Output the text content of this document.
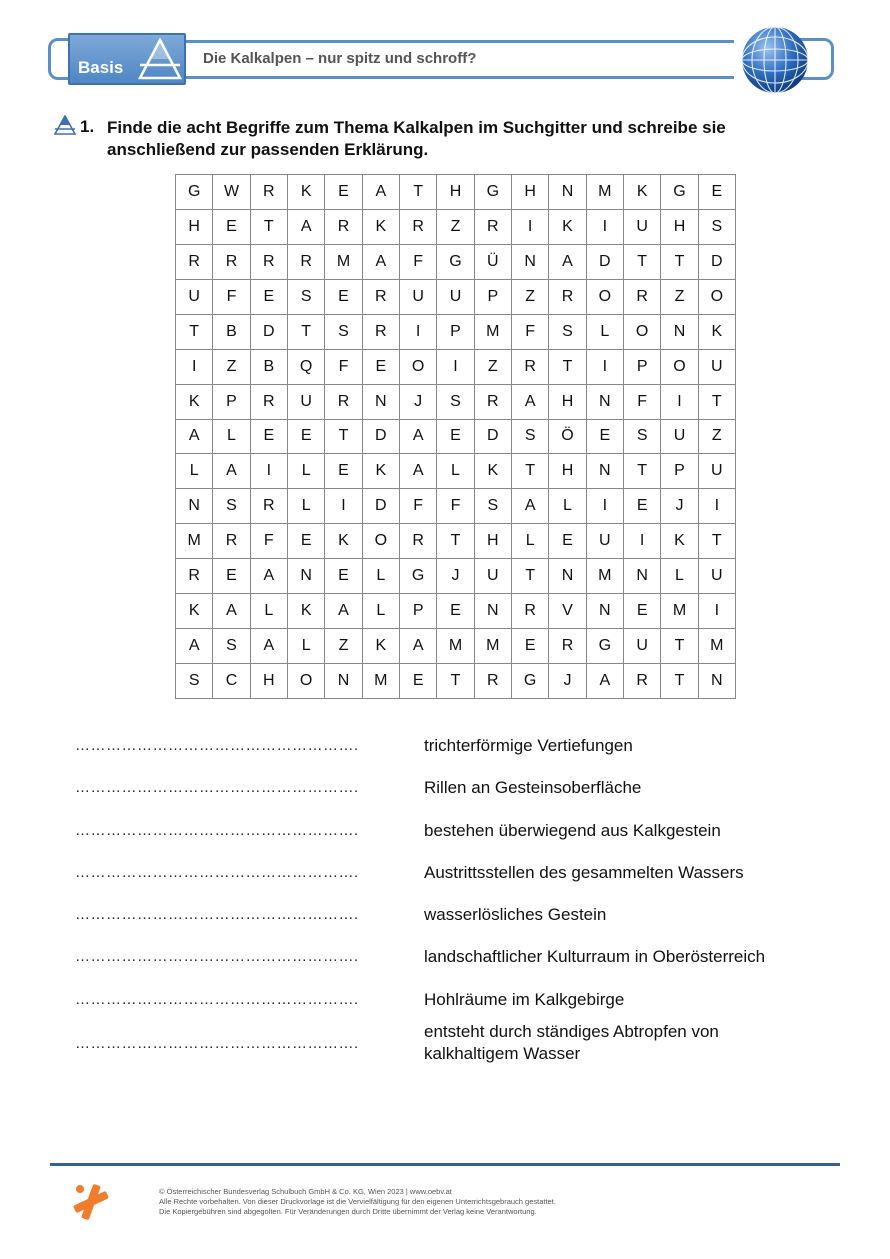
Basis	Die Kalkalpen – nur spitz und schroff?
1. Finde die acht Begriffe zum Thema Kalkalpen im Suchgitter und schreibe sie anschließend zur passenden Erklärung.
G	W	R	K	E	A	T	H	G	H	N	M	K	G	E
H	E	T	A	R	K	R	Z	R	I	K	I	U	H	S
R	R	R	R	M	A	F	G	Ü	N	A	D	T	T	D
U	F	E	S	E	R	U	U	P	Z	R	O	R	Z	O
T	B	D	T	S	R	I	P	M	F	S	L	O	N	K
I	Z	B	Q	F	E	O	I	Z	R	T	I	P	O	U
K	P	R	U	R	N	J	S	R	A	H	N	F	I	T
A	L	E	E	T	D	A	E	D	S	Ö	E	S	U	Z
L	A	I	L	E	K	A	L	K	T	H	N	T	P	U
N	S	R	L	I	D	F	F	S	A	L	I	E	J	I
M	R	F	E	K	O	R	T	H	L	E	U	I	K	T
R	E	A	N	E	L	G	J	U	T	N	M	N	L	U
K	A	L	K	A	L	P	E	N	R	V	N	E	M	I
A	S	A	L	Z	K	A	M	M	E	R	G	U	T	M
S	C	H	O	N	M	E	T	R	G	J	A	R	T	N
……………………………………………….	trichterförmige Vertiefungen
……………………………………………….	Rillen an Gesteinsoberfläche
……………………………………………….	bestehen überwiegend aus Kalkgestein
……………………………………………….	Austrittsstellen des gesammelten Wassers
……………………………………………….	wasserlösliches Gestein
……………………………………………….	landschaftlicher Kulturraum in Oberösterreich
……………………………………………….	Hohlräume im Kalkgebirge
……………………………………………….
entsteht durch ständiges Abtropfen von kalkhaltigem Wasser
© Österreichischer Bundesverlag Schulbuch GmbH & Co. KG, Wien 2023 | www.oebv.at
Alle Rechte vorbehalten. Von dieser Druckvorlage ist die Vervielfältigung für den eigenen Unterrichtsgebrauch gestattet.
Die Kopiergebühren sind abgegolten. Für Veränderungen durch Dritte übernimmt der Verlag keine Verantwortung.
